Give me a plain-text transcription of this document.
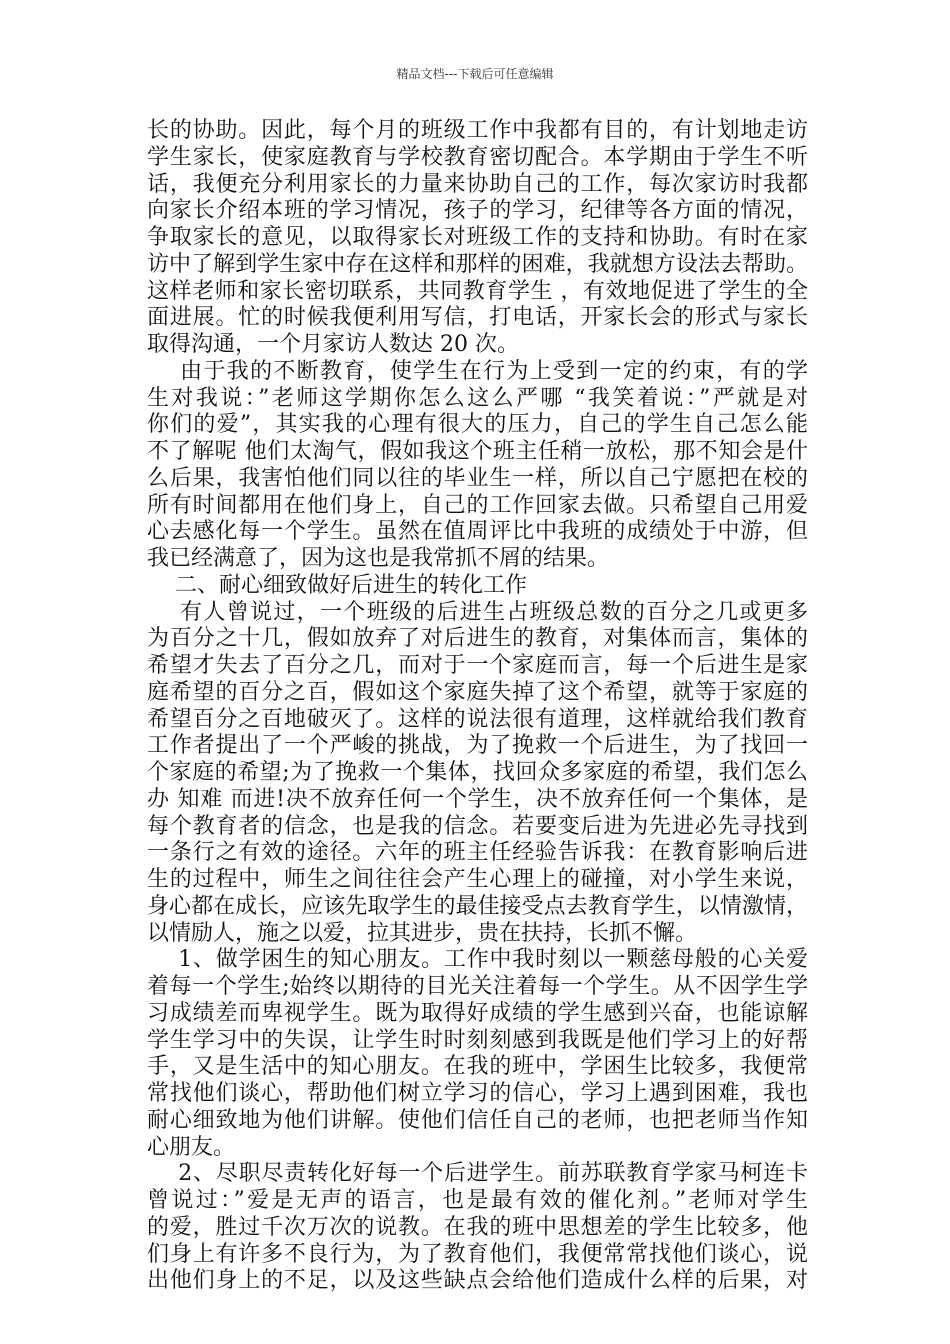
精品文档---下载后可任意编辑
长的协助。因此，每个月的班级工作中我都有目的，有计划地走访
学生家长，使家庭教育与学校教育密切配合。本学期由于学生不听
话，我便充分利用家长的力量来协助自己的工作，每次家访时我都
向家长介绍本班的学习情况，孩子的学习，纪律等各方面的情况，
争取家长的意见，以取得家长对班级工作的支持和协助。有时在家
访中了解到学生家中存在这样和那样的困难，我就想方设法去帮助。
这样老师和家长密切联系，共同教育学生 ，有效地促进了学生的全
面进展。忙的时候我便利用写信，打电话，开家长会的形式与家长
取得沟通，一个月家访人数达 20 次。
由于我的不断教育，使学生在行为上受到一定的约束，有的学
生对我说：”老师这学期你怎么这么严哪 “我笑着说：”严就是对
你们的爱”，其实我的心理有很大的压力，自己的学生自己怎么能
不了解呢 他们太淘气，假如我这个班主任稍一放松，那不知会是什
么后果，我害怕他们同以往的毕业生一样，所以自己宁愿把在校的
所有时间都用在他们身上，自己的工作回家去做。只希望自己用爱
心去感化每一个学生。虽然在值周评比中我班的成绩处于中游，但
我已经满意了，因为这也是我常抓不屑的结果。
二、耐心细致做好后进生的转化工作
有人曾说过，一个班级的后进生占班级总数的百分之几或更多
为百分之十几，假如放弃了对后进生的教育，对集体而言，集体的
希望才失去了百分之几，而对于一个家庭而言，每一个后进生是家
庭希望的百分之百，假如这个家庭失掉了这个希望，就等于家庭的
希望百分之百地破灭了。这样的说法很有道理，这样就给我们教育
工作者提出了一个严峻的挑战，为了挽救一个后进生，为了找回一
个家庭的希望;为了挽救一个集体，找回众多家庭的希望，我们怎么
办 知难 而进!决不放弃任何一个学生，决不放弃任何一个集体，是
每个教育者的信念，也是我的信念。若要变后进为先进必先寻找到
一条行之有效的途径。六年的班主任经验告诉我：在教育影响后进
生的过程中，师生之间往往会产生心理上的碰撞，对小学生来说，
身心都在成长，应该先取学生的最佳接受点去教育学生，以情激情，
以情励人，施之以爱，拉其进步，贵在扶持，长抓不懈。
1、做学困生的知心朋友。工作中我时刻以一颗慈母般的心关爱
着每一个学生;始终以期待的目光关注着每一个学生。从不因学生学
习成绩差而卑视学生。既为取得好成绩的学生感到兴奋，也能谅解
学生学习中的失误，让学生时时刻刻感到我既是他们学习上的好帮
手，又是生活中的知心朋友。在我的班中，学困生比较多，我便常
常找他们谈心，帮助他们树立学习的信心，学习上遇到困难，我也
耐心细致地为他们讲解。使他们信任自己的老师，也把老师当作知
心朋友。
2、尽职尽责转化好每一个后进学生。前苏联教育学家马柯连卡
曾说过：”爱是无声的语言，也是最有效的催化剂。”老师对学生
的爱，胜过千次万次的说教。在我的班中思想差的学生比较多，他
们身上有许多不良行为，为了教育他们，我便常常找他们谈心，说
出他们身上的不足，以及这些缺点会给他们造成什么样的后果，对
